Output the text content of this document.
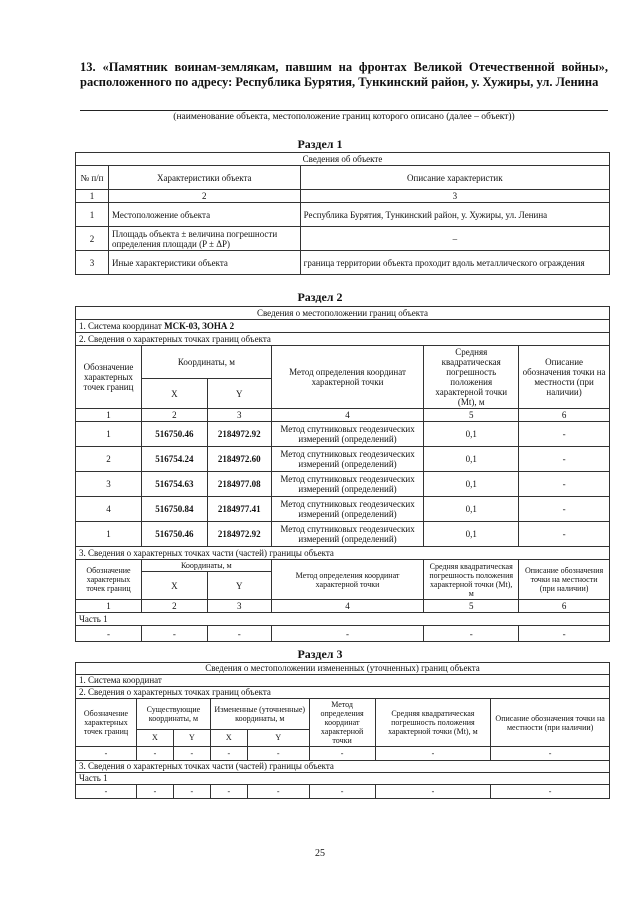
13. «Памятник воинам-землякам, павшим на фронтах Великой Отечественной войны», расположенного по адресу: Республика Бурятия, Тункинский район, у. Хужиры, ул. Ленина
(наименование объекта, местоположение границ которого описано (далее – объект))
Раздел 1
Сведения об объекте		
№ п/п	Характеристики объекта	Описание характеристик
1	2	3
1	Местоположение объекта	Республика Бурятия, Тункинский район, у. Хужиры, ул. Ленина
2	Площадь объекта ± величина погрешности определения площади (P ± ΔP)	–
3	Иные характеристики объекта	граница территории объекта проходит вдоль металлического ограждения
Раздел 2
Сведения о местоположении границ объекта					
1. Система координат МСК-03, ЗОНА 2					
2. Сведения о характерных точках границ объекта					
Обозначение характерных точек границ	Координаты, м		Метод определения координат характерной точки	Средняя квадратическая погрешность положения характерной точки (Mt), м	Описание обозначения точки на местности (при наличии)
	X	Y			
1	2	3	4	5	6
1	516750.46	2184972.92	Метод спутниковых геодезических измерений (определений)	0,1	-
2	516754.24	2184972.60	Метод спутниковых геодезических измерений (определений)	0,1	-
3	516754.63	2184977.08	Метод спутниковых геодезических измерений (определений)	0,1	-
4	516750.84	2184977.41	Метод спутниковых геодезических измерений (определений)	0,1	-
1	516750.46	2184972.92	Метод спутниковых геодезических измерений (определений)	0,1	-
3. Сведения о характерных точках части (частей) границы объекта					
Обозначение характерных точек границ	Координаты, м		Метод определения координат характерной точки	Средняя квадратическая погрешность положения характерной точки (Mt), м	Описание обозначения точки на местности (при наличии)
	X	Y			
1	2	3	4	5	6
Часть 1					
-	-	-	-	-	-
Раздел 3
Сведения о местоположении измененных (уточненных) границ объекта							
1. Система координат							
2. Сведения о характерных точках границ объекта							
Обозначение характерных точек границ	Существующие координаты, м		Измененные (уточненные) координаты, м		Метод определения координат характерной точки	Средняя квадратическая погрешность положения характерной точки (Mt), м	Описание обозначения точки на местности (при наличии)
	X	Y	X	Y			
-	-	-	-	-	-	-	-
3. Сведения о характерных точках части (частей) границы объекта							
Часть 1							
-	-	-	-	-	-	-	-
25
